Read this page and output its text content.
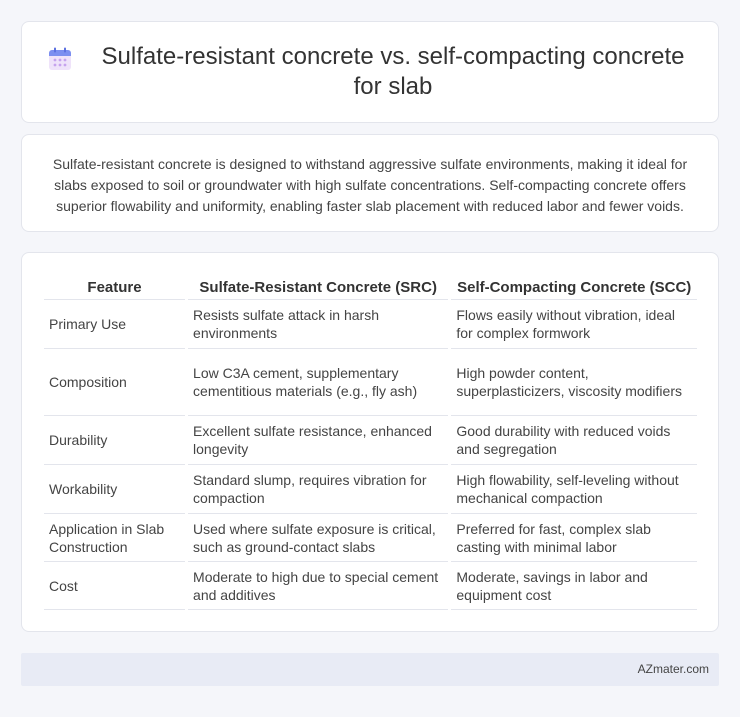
Sulfate-resistant concrete vs. self-compacting concrete for slab

Sulfate-resistant concrete is designed to withstand aggressive sulfate environments, making it ideal for slabs exposed to soil or groundwater with high sulfate concentrations. Self-compacting concrete offers superior flowability and uniformity, enabling faster slab placement with reduced labor and fewer voids.

Feature	Sulfate-Resistant Concrete (SRC)	Self-Compacting Concrete (SCC)
Primary Use	Resists sulfate attack in harsh environments	Flows easily without vibration, ideal for complex formwork
Composition	Low C3A cement, supplementary cementitious materials (e.g., fly ash)	High powder content, superplasticizers, viscosity modifiers
Durability	Excellent sulfate resistance, enhanced longevity	Good durability with reduced voids and segregation
Workability	Standard slump, requires vibration for compaction	High flowability, self-leveling without mechanical compaction
Application in Slab Construction	Used where sulfate exposure is critical, such as ground-contact slabs	Preferred for fast, complex slab casting with minimal labor
Cost	Moderate to high due to special cement and additives	Moderate, savings in labor and equipment cost
AZmater.com
